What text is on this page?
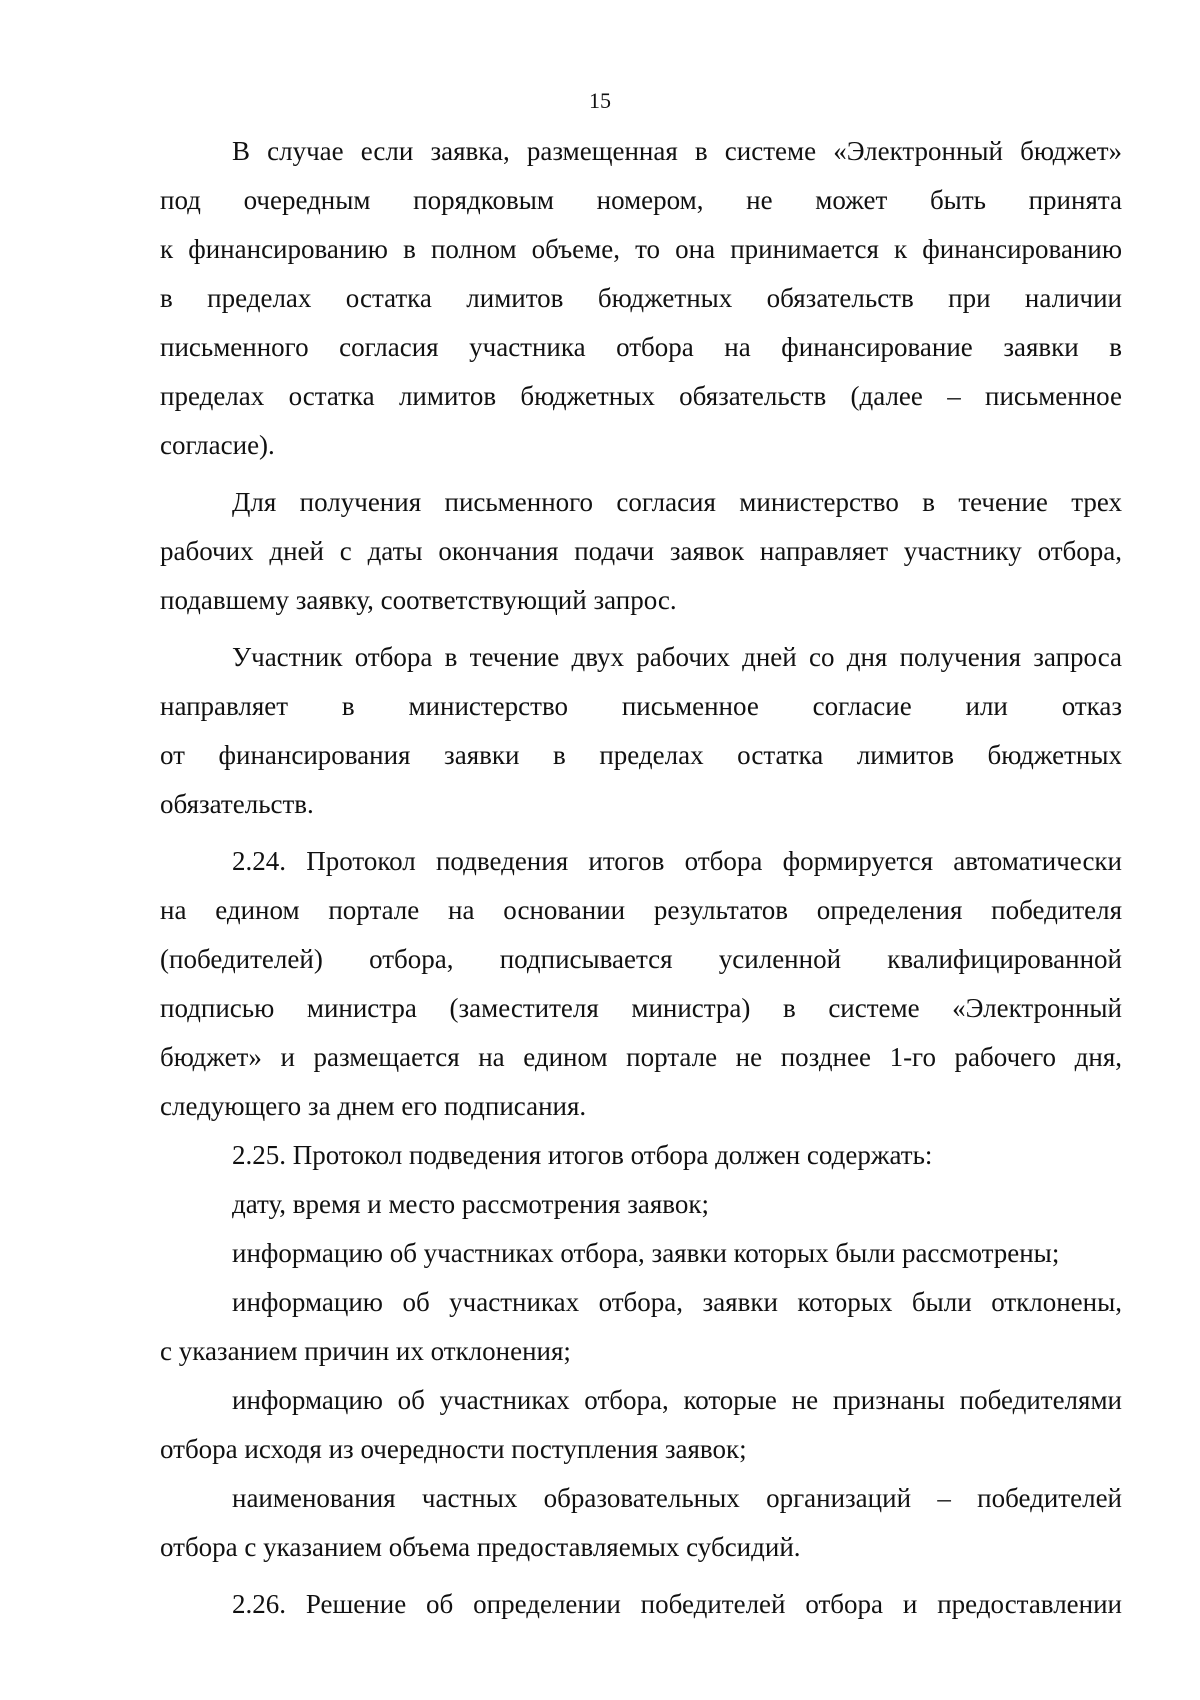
15
В случае если заявка, размещенная в системе «Электронный бюджет»
под очередным порядковым номером, не может быть принята
к финансированию в полном объеме, то она принимается к финансированию
в пределах остатка лимитов бюджетных обязательств при наличии
письменного согласия участника отбора на финансирование заявки в
пределах остатка лимитов бюджетных обязательств (далее – письменное
согласие).
Для получения письменного согласия министерство в течение трех
рабочих дней с даты окончания подачи заявок направляет участнику отбора,
подавшему заявку, соответствующий запрос.
Участник отбора в течение двух рабочих дней со дня получения запроса
направляет в министерство письменное согласие или отказ
от финансирования заявки в пределах остатка лимитов бюджетных
обязательств.
2.24. Протокол подведения итогов отбора формируется автоматически
на едином портале на основании результатов определения победителя
(победителей) отбора, подписывается усиленной квалифицированной
подписью министра (заместителя министра) в системе «Электронный
бюджет» и размещается на едином портале не позднее 1-го рабочего дня,
следующего за днем его подписания.
2.25. Протокол подведения итогов отбора должен содержать:
дату, время и место рассмотрения заявок;
информацию об участниках отбора, заявки которых были рассмотрены;
информацию об участниках отбора, заявки которых были отклонены,
с указанием причин их отклонения;
информацию об участниках отбора, которые не признаны победителями
отбора исходя из очередности поступления заявок;
наименования частных образовательных организаций – победителей
отбора с указанием объема предоставляемых субсидий.
2.26. Решение об определении победителей отбора и предоставлении
